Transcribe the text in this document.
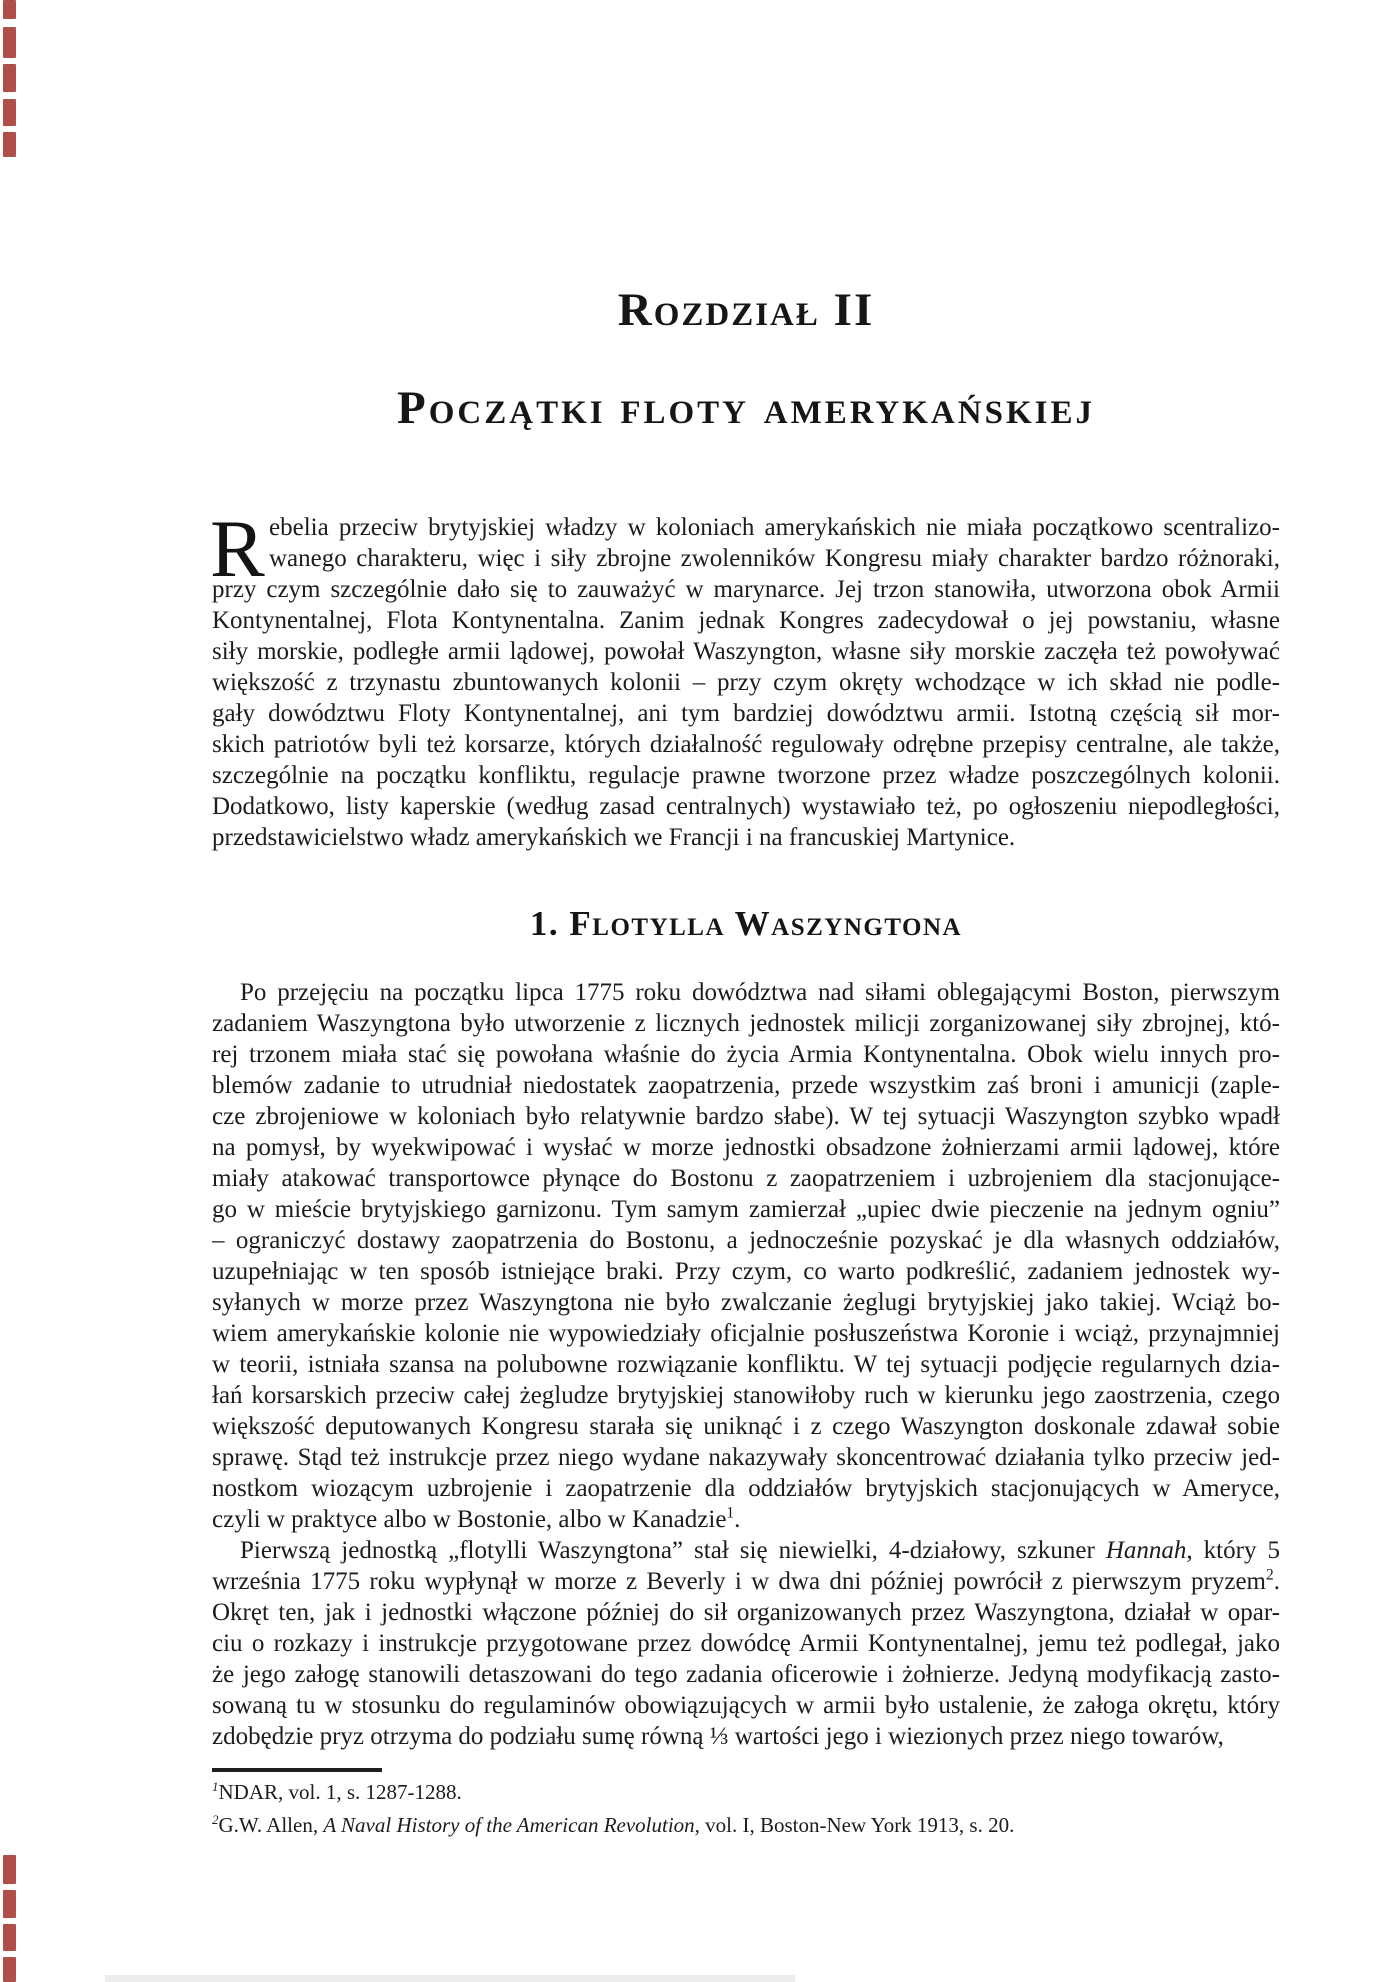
Rozdział II
Początki floty amerykańskiej
R ebelia przeciw brytyjskiej władzy w koloniach amerykańskich nie miała początkowo scentralizo-
wanego charakteru, więc i siły zbrojne zwolenników Kongresu miały charakter bardzo różnoraki,
przy czym szczególnie dało się to zauważyć w marynarce. Jej trzon stanowiła, utworzona obok Armii
Kontynentalnej, Flota Kontynentalna. Zanim jednak Kongres zadecydował o jej powstaniu, własne
siły morskie, podległe armii lądowej, powołał Waszyngton, własne siły morskie zaczęła też powoływać
większość z trzynastu zbuntowanych kolonii – przy czym okręty wchodzące w ich skład nie podle-
gały dowództwu Floty Kontynentalnej, ani tym bardziej dowództwu armii. Istotną częścią sił mor-
skich patriotów byli też korsarze, których działalność regulowały odrębne przepisy centralne, ale także,
szczególnie na początku konfliktu, regulacje prawne tworzone przez władze poszczególnych kolonii.
Dodatkowo, listy kaperskie (według zasad centralnych) wystawiało też, po ogłoszeniu niepodległości,
przedstawicielstwo władz amerykańskich we Francji i na francuskiej Martynice.
1. Flotylla Waszyngtona
Po przejęciu na początku lipca 1775 roku dowództwa nad siłami oblegającymi Boston, pierwszym
zadaniem Waszyngtona było utworzenie z licznych jednostek milicji zorganizowanej siły zbrojnej, któ-
rej trzonem miała stać się powołana właśnie do życia Armia Kontynentalna. Obok wielu innych pro-
blemów zadanie to utrudniał niedostatek zaopatrzenia, przede wszystkim zaś broni i amunicji (zaple-
cze zbrojeniowe w koloniach było relatywnie bardzo słabe). W tej sytuacji Waszyngton szybko wpadł
na pomysł, by wyekwipować i wysłać w morze jednostki obsadzone żołnierzami armii lądowej, które
miały atakować transportowce płynące do Bostonu z zaopatrzeniem i uzbrojeniem dla stacjonujące-
go w mieście brytyjskiego garnizonu. Tym samym zamierzał „upiec dwie pieczenie na jednym ogniu”
– ograniczyć dostawy zaopatrzenia do Bostonu, a jednocześnie pozyskać je dla własnych oddziałów,
uzupełniając w ten sposób istniejące braki. Przy czym, co warto podkreślić, zadaniem jednostek wy-
syłanych w morze przez Waszyngtona nie było zwalczanie żeglugi brytyjskiej jako takiej. Wciąż bo-
wiem amerykańskie kolonie nie wypowiedziały oficjalnie posłuszeństwa Koronie i wciąż, przynajmniej
w teorii, istniała szansa na polubowne rozwiązanie konfliktu. W tej sytuacji podjęcie regularnych dzia-
łań korsarskich przeciw całej żegludze brytyjskiej stanowiłoby ruch w kierunku jego zaostrzenia, czego
większość deputowanych Kongresu starała się uniknąć i z czego Waszyngton doskonale zdawał sobie
sprawę. Stąd też instrukcje przez niego wydane nakazywały skoncentrować działania tylko przeciw jed-
nostkom wiozącym uzbrojenie i zaopatrzenie dla oddziałów brytyjskich stacjonujących w Ameryce,
czyli w praktyce albo w Bostonie, albo w Kanadzie$^1$.
Pierwszą jednostką „flotylli Waszyngtona” stał się niewielki, 4-działowy, szkuner Hannah, który 5
września 1775 roku wypłynął w morze z Beverly i w dwa dni później powrócił z pierwszym pryzem$^2$.
Okręt ten, jak i jednostki włączone później do sił organizowanych przez Waszyngtona, działał w opar-
ciu o rozkazy i instrukcje przygotowane przez dowódcę Armii Kontynentalnej, jemu też podlegał, jako
że jego załogę stanowili detaszowani do tego zadania oficerowie i żołnierze. Jedyną modyfikacją zasto-
sowaną tu w stosunku do regulaminów obowiązujących w armii było ustalenie, że załoga okrętu, który
zdobędzie pryz otrzyma do podziału sumę równą ⅓ wartości jego i wiezionych przez niego towarów,
$^1$NDAR, vol. 1, s. 1287-1288.
$^2$G.W. Allen, A Naval History of the American Revolution, vol. I, Boston-New York 1913, s. 20.
